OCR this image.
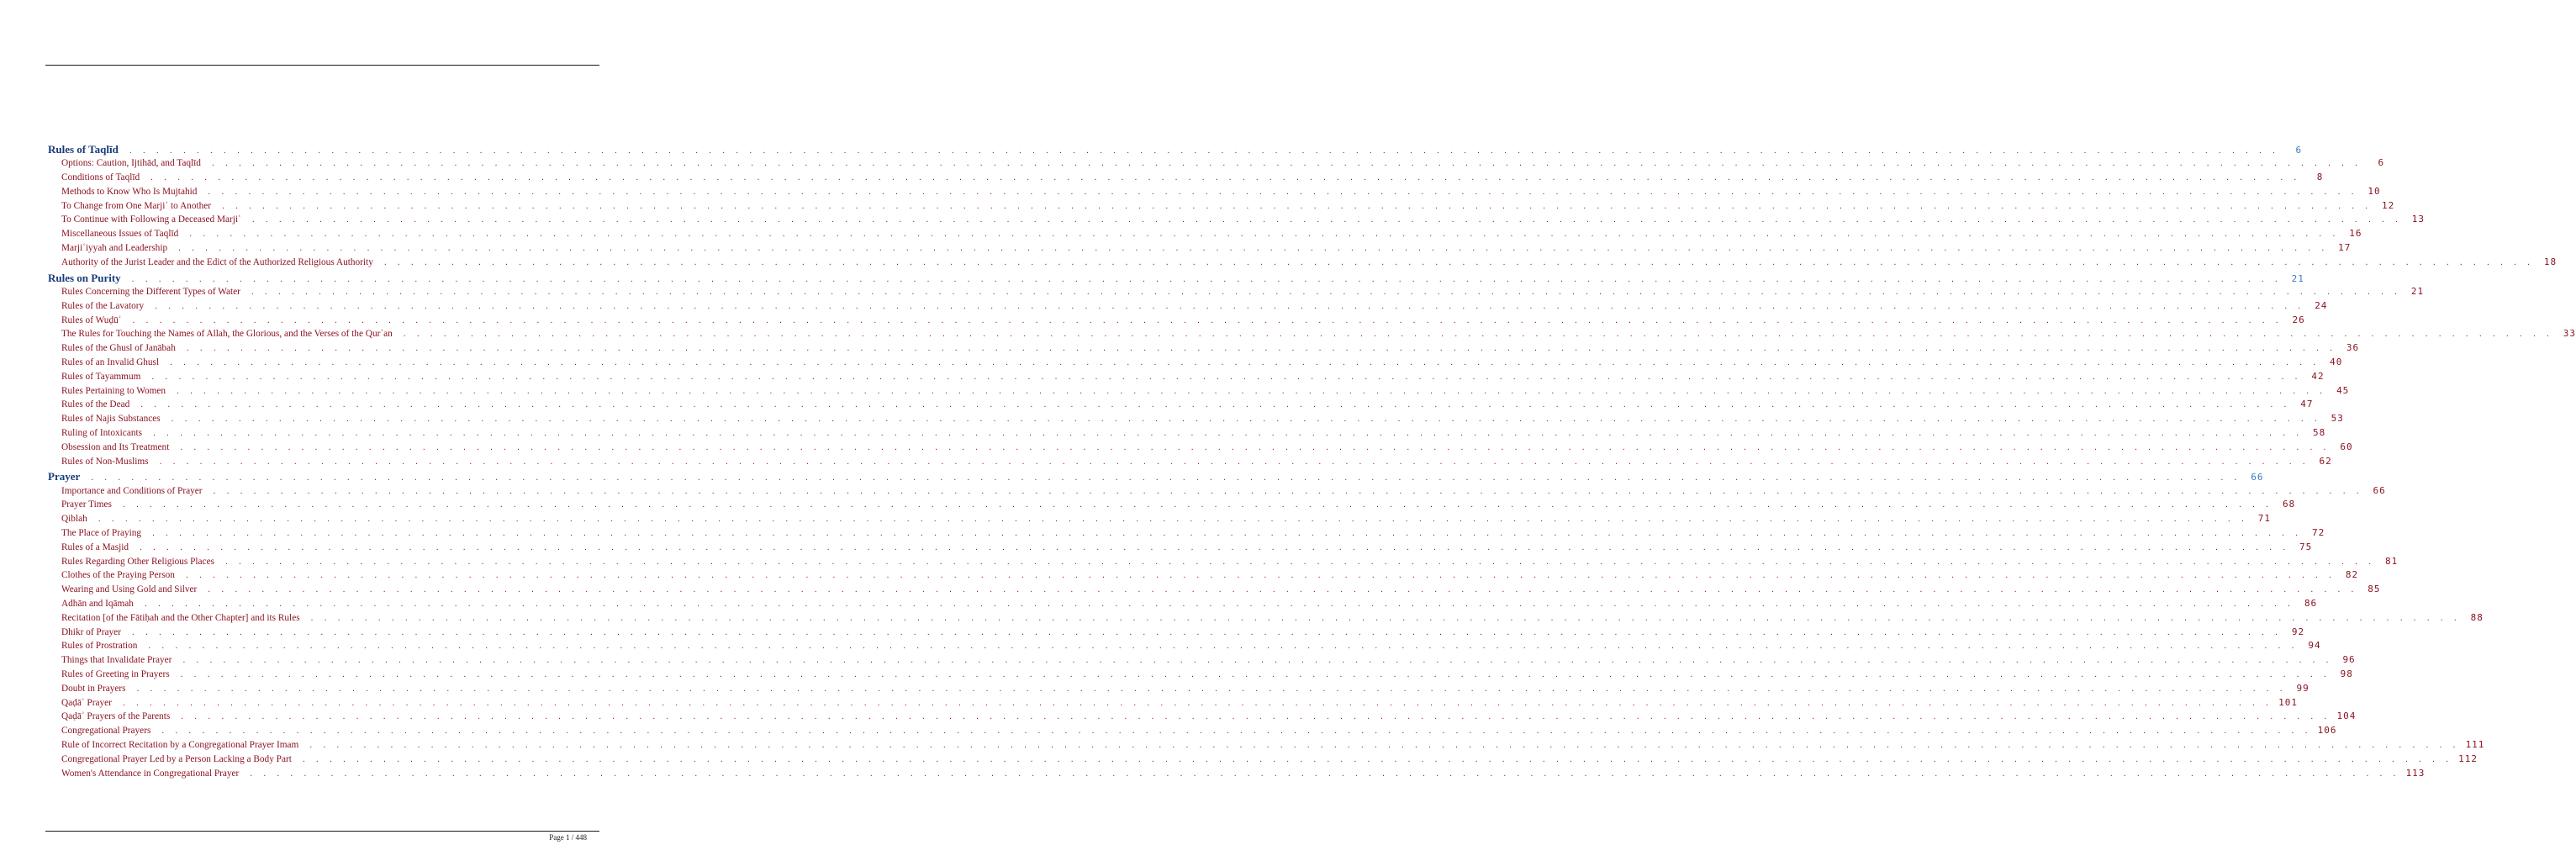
Rules of Taqlīd . . . . . . . . . . . . . . . . . . . . . . . . . . . . . . . . . . . . . . . . . . . . . . . . . . . . . . . . . . . . . . . . . . . . . . . . . . . . . . . . . . . . . . . . . . . . . . . . . . . . . . . . . . . . . . . . . . . . . . . . . . . . . . . . . . . . . . . . . . . . . . . . . . . . . . . . . . . . . . . .	6
Options: Caution, Ijtihād, and Taqlīd . . . . . . . . . . . . . . . . . . . . . . . . . . . . . . . . . . . . . . . . . . . . . . . . . . . . . . . . . . . . . . . . . . . . . . . . . . . . . . . . . . . . . . . . . . . . . . . . . . . . . . . . . . . . . . . . . . . . . . . . . . . . . . . . . . . . . . . . . . . . . . . . . . . . . . . . . . . . . . . .	6
Conditions of Taqlīd . . . . . . . . . . . . . . . . . . . . . . . . . . . . . . . . . . . . . . . . . . . . . . . . . . . . . . . . . . . . . . . . . . . . . . . . . . . . . . . . . . . . . . . . . . . . . . . . . . . . . . . . . . . . . . . . . . . . . . . . . . . . . . . . . . . . . . . . . . . . . . . . . . . . . . . . . . . . . . . .	8
Methods to Know Who Is Mujtahid . . . . . . . . . . . . . . . . . . . . . . . . . . . . . . . . . . . . . . . . . . . . . . . . . . . . . . . . . . . . . . . . . . . . . . . . . . . . . . . . . . . . . . . . . . . . . . . . . . . . . . . . . . . . . . . . . . . . . . . . . . . . . . . . . . . . . . . . . . . . . . . . . . . . . . . . . . . . . . . .	10
To Change from One Marjiʿ to Another . . . . . . . . . . . . . . . . . . . . . . . . . . . . . . . . . . . . . . . . . . . . . . . . . . . . . . . . . . . . . . . . . . . . . . . . . . . . . . . . . . . . . . . . . . . . . . . . . . . . . . . . . . . . . . . . . . . . . . . . . . . . . . . . . . . . . . . . . . . . . . . . . . . . . . . . . . . . . . . .	12
To Continue with Following a Deceased Marjiʿ . . . . . . . . . . . . . . . . . . . . . . . . . . . . . . . . . . . . . . . . . . . . . . . . . . . . . . . . . . . . . . . . . . . . . . . . . . . . . . . . . . . . . . . . . . . . . . . . . . . . . . . . . . . . . . . . . . . . . . . . . . . . . . . . . . . . . . . . . . . . . . . . . . . . . . . . . . . . . . . .	13
Miscellaneous Issues of Taqlīd . . . . . . . . . . . . . . . . . . . . . . . . . . . . . . . . . . . . . . . . . . . . . . . . . . . . . . . . . . . . . . . . . . . . . . . . . . . . . . . . . . . . . . . . . . . . . . . . . . . . . . . . . . . . . . . . . . . . . . . . . . . . . . . . . . . . . . . . . . . . . . . . . . . . . . . . . . . . . . . .	16
Marjiʿiyyah and Leadership . . . . . . . . . . . . . . . . . . . . . . . . . . . . . . . . . . . . . . . . . . . . . . . . . . . . . . . . . . . . . . . . . . . . . . . . . . . . . . . . . . . . . . . . . . . . . . . . . . . . . . . . . . . . . . . . . . . . . . . . . . . . . . . . . . . . . . . . . . . . . . . . . . . . . . . . . . . . . . . .	17
Authority of the Jurist Leader and the Edict of the Authorized Religious Authority . . . . . . . . . . . . . . . . . . . . . . . . . . . . . . . . . . . . . . . . . . . . . . . . . . . . . . . . . . . . . . . . . . . . . . . . . . . . . . . . . . . . . . . . . . . . . . . . . . . . . . . . . . . . . . . . . . . . . . . . . . . . . . . . . . . . . . . . . . . . . . . . . . . . . . . . . . . . . . . .	18
Rules on Purity . . . . . . . . . . . . . . . . . . . . . . . . . . . . . . . . . . . . . . . . . . . . . . . . . . . . . . . . . . . . . . . . . . . . . . . . . . . . . . . . . . . . . . . . . . . . . . . . . . . . . . . . . . . . . . . . . . . . . . . . . . . . . . . . . . . . . . . . . . . . . . . . . . . . . . . . . . . . . . . .	21
Rules Concerning the Different Types of Water . . . . . . . . . . . . . . . . . . . . . . . . . . . . . . . . . . . . . . . . . . . . . . . . . . . . . . . . . . . . . . . . . . . . . . . . . . . . . . . . . . . . . . . . . . . . . . . . . . . . . . . . . . . . . . . . . . . . . . . . . . . . . . . . . . . . . . . . . . . . . . . . . . . . . . . . . . . . . . . .	21
Rules of the Lavatory . . . . . . . . . . . . . . . . . . . . . . . . . . . . . . . . . . . . . . . . . . . . . . . . . . . . . . . . . . . . . . . . . . . . . . . . . . . . . . . . . . . . . . . . . . . . . . . . . . . . . . . . . . . . . . . . . . . . . . . . . . . . . . . . . . . . . . . . . . . . . . . . . . . . . . . . . . . . . . . .	24
Rules of Wuḍūʾ . . . . . . . . . . . . . . . . . . . . . . . . . . . . . . . . . . . . . . . . . . . . . . . . . . . . . . . . . . . . . . . . . . . . . . . . . . . . . . . . . . . . . . . . . . . . . . . . . . . . . . . . . . . . . . . . . . . . . . . . . . . . . . . . . . . . . . . . . . . . . . . . . . . . . . . . . . . . . . . .	26
The Rules for Touching the Names of Allah, the Glorious, and the Verses of the Qurʾan . . . . . . . . . . . . . . . . . . . . . . . . . . . . . . . . . . . . . . . . . . . . . . . . . . . . . . . . . . . . . . . . . . . . . . . . . . . . . . . . . . . . . . . . . . . . . . . . . . . . . . . . . . . . . . . . . . . . . . . . . . . . . . . . . . . . . . . . . . . . . . . . . . . . . . . . . . . . . . . .	33
Rules of the Ghusl of Janābah . . . . . . . . . . . . . . . . . . . . . . . . . . . . . . . . . . . . . . . . . . . . . . . . . . . . . . . . . . . . . . . . . . . . . . . . . . . . . . . . . . . . . . . . . . . . . . . . . . . . . . . . . . . . . . . . . . . . . . . . . . . . . . . . . . . . . . . . . . . . . . . . . . . . . . . . . . . . . . . .	36
Rules of an Invalid Ghusl . . . . . . . . . . . . . . . . . . . . . . . . . . . . . . . . . . . . . . . . . . . . . . . . . . . . . . . . . . . . . . . . . . . . . . . . . . . . . . . . . . . . . . . . . . . . . . . . . . . . . . . . . . . . . . . . . . . . . . . . . . . . . . . . . . . . . . . . . . . . . . . . . . . . . . . . . . . . . . . .	40
Rules of Tayammum . . . . . . . . . . . . . . . . . . . . . . . . . . . . . . . . . . . . . . . . . . . . . . . . . . . . . . . . . . . . . . . . . . . . . . . . . . . . . . . . . . . . . . . . . . . . . . . . . . . . . . . . . . . . . . . . . . . . . . . . . . . . . . . . . . . . . . . . . . . . . . . . . . . . . . . . . . . . . . . .	42
Rules Pertaining to Women . . . . . . . . . . . . . . . . . . . . . . . . . . . . . . . . . . . . . . . . . . . . . . . . . . . . . . . . . . . . . . . . . . . . . . . . . . . . . . . . . . . . . . . . . . . . . . . . . . . . . . . . . . . . . . . . . . . . . . . . . . . . . . . . . . . . . . . . . . . . . . . . . . . . . . . . . . . . . . . .	45
Rules of the Dead . . . . . . . . . . . . . . . . . . . . . . . . . . . . . . . . . . . . . . . . . . . . . . . . . . . . . . . . . . . . . . . . . . . . . . . . . . . . . . . . . . . . . . . . . . . . . . . . . . . . . . . . . . . . . . . . . . . . . . . . . . . . . . . . . . . . . . . . . . . . . . . . . . . . . . . . . . . . . . . .	47
Rules of Najis Substances . . . . . . . . . . . . . . . . . . . . . . . . . . . . . . . . . . . . . . . . . . . . . . . . . . . . . . . . . . . . . . . . . . . . . . . . . . . . . . . . . . . . . . . . . . . . . . . . . . . . . . . . . . . . . . . . . . . . . . . . . . . . . . . . . . . . . . . . . . . . . . . . . . . . . . . . . . . . . . . .	53
Ruling of Intoxicants . . . . . . . . . . . . . . . . . . . . . . . . . . . . . . . . . . . . . . . . . . . . . . . . . . . . . . . . . . . . . . . . . . . . . . . . . . . . . . . . . . . . . . . . . . . . . . . . . . . . . . . . . . . . . . . . . . . . . . . . . . . . . . . . . . . . . . . . . . . . . . . . . . . . . . . . . . . . . . . .	58
Obsession and Its Treatment . . . . . . . . . . . . . . . . . . . . . . . . . . . . . . . . . . . . . . . . . . . . . . . . . . . . . . . . . . . . . . . . . . . . . . . . . . . . . . . . . . . . . . . . . . . . . . . . . . . . . . . . . . . . . . . . . . . . . . . . . . . . . . . . . . . . . . . . . . . . . . . . . . . . . . . . . . . . . . . .	60
Rules of Non-Muslims . . . . . . . . . . . . . . . . . . . . . . . . . . . . . . . . . . . . . . . . . . . . . . . . . . . . . . . . . . . . . . . . . . . . . . . . . . . . . . . . . . . . . . . . . . . . . . . . . . . . . . . . . . . . . . . . . . . . . . . . . . . . . . . . . . . . . . . . . . . . . . . . . . . . . . . . . . . . . . . .	62
Prayer . . . . . . . . . . . . . . . . . . . . . . . . . . . . . . . . . . . . . . . . . . . . . . . . . . . . . . . . . . . . . . . . . . . . . . . . . . . . . . . . . . . . . . . . . . . . . . . . . . . . . . . . . . . . . . . . . . . . . . . . . . . . . . . . . . . . . . . . . . . . . . . . . . . . . . . . . . . . . . . .	66
Importance and Conditions of Prayer . . . . . . . . . . . . . . . . . . . . . . . . . . . . . . . . . . . . . . . . . . . . . . . . . . . . . . . . . . . . . . . . . . . . . . . . . . . . . . . . . . . . . . . . . . . . . . . . . . . . . . . . . . . . . . . . . . . . . . . . . . . . . . . . . . . . . . . . . . . . . . . . . . . . . . . . . . . . . . . .	66
Prayer Times . . . . . . . . . . . . . . . . . . . . . . . . . . . . . . . . . . . . . . . . . . . . . . . . . . . . . . . . . . . . . . . . . . . . . . . . . . . . . . . . . . . . . . . . . . . . . . . . . . . . . . . . . . . . . . . . . . . . . . . . . . . . . . . . . . . . . . . . . . . . . . . . . . . . . . . . . . . . . . . .	68
Qiblah . . . . . . . . . . . . . . . . . . . . . . . . . . . . . . . . . . . . . . . . . . . . . . . . . . . . . . . . . . . . . . . . . . . . . . . . . . . . . . . . . . . . . . . . . . . . . . . . . . . . . . . . . . . . . . . . . . . . . . . . . . . . . . . . . . . . . . . . . . . . . . . . . . . . . . . . . . . . . . . .	71
The Place of Praying . . . . . . . . . . . . . . . . . . . . . . . . . . . . . . . . . . . . . . . . . . . . . . . . . . . . . . . . . . . . . . . . . . . . . . . . . . . . . . . . . . . . . . . . . . . . . . . . . . . . . . . . . . . . . . . . . . . . . . . . . . . . . . . . . . . . . . . . . . . . . . . . . . . . . . . . . . . . . . . .	72
Rules of a Masjid . . . . . . . . . . . . . . . . . . . . . . . . . . . . . . . . . . . . . . . . . . . . . . . . . . . . . . . . . . . . . . . . . . . . . . . . . . . . . . . . . . . . . . . . . . . . . . . . . . . . . . . . . . . . . . . . . . . . . . . . . . . . . . . . . . . . . . . . . . . . . . . . . . . . . . . . . . . . . . . .	75
Rules Regarding Other Religious Places . . . . . . . . . . . . . . . . . . . . . . . . . . . . . . . . . . . . . . . . . . . . . . . . . . . . . . . . . . . . . . . . . . . . . . . . . . . . . . . . . . . . . . . . . . . . . . . . . . . . . . . . . . . . . . . . . . . . . . . . . . . . . . . . . . . . . . . . . . . . . . . . . . . . . . . . . . . . . . . .	81
Clothes of the Praying Person . . . . . . . . . . . . . . . . . . . . . . . . . . . . . . . . . . . . . . . . . . . . . . . . . . . . . . . . . . . . . . . . . . . . . . . . . . . . . . . . . . . . . . . . . . . . . . . . . . . . . . . . . . . . . . . . . . . . . . . . . . . . . . . . . . . . . . . . . . . . . . . . . . . . . . . . . . . . . . . .	82
Wearing and Using Gold and Silver . . . . . . . . . . . . . . . . . . . . . . . . . . . . . . . . . . . . . . . . . . . . . . . . . . . . . . . . . . . . . . . . . . . . . . . . . . . . . . . . . . . . . . . . . . . . . . . . . . . . . . . . . . . . . . . . . . . . . . . . . . . . . . . . . . . . . . . . . . . . . . . . . . . . . . . . . . . . . . . .	85
Adhān and Iqāmah . . . . . . . . . . . . . . . . . . . . . . . . . . . . . . . . . . . . . . . . . . . . . . . . . . . . . . . . . . . . . . . . . . . . . . . . . . . . . . . . . . . . . . . . . . . . . . . . . . . . . . . . . . . . . . . . . . . . . . . . . . . . . . . . . . . . . . . . . . . . . . . . . . . . . . . . . . . . . . . .	86
Recitation [of the Fātiḥah and the Other Chapter] and its Rules . . . . . . . . . . . . . . . . . . . . . . . . . . . . . . . . . . . . . . . . . . . . . . . . . . . . . . . . . . . . . . . . . . . . . . . . . . . . . . . . . . . . . . . . . . . . . . . . . . . . . . . . . . . . . . . . . . . . . . . . . . . . . . . . . . . . . . . . . . . . . . . . . . . . . . . . . . . . . . . .	88
Dhikr of Prayer . . . . . . . . . . . . . . . . . . . . . . . . . . . . . . . . . . . . . . . . . . . . . . . . . . . . . . . . . . . . . . . . . . . . . . . . . . . . . . . . . . . . . . . . . . . . . . . . . . . . . . . . . . . . . . . . . . . . . . . . . . . . . . . . . . . . . . . . . . . . . . . . . . . . . . . . . . . . . . . .	92
Rules of Prostration . . . . . . . . . . . . . . . . . . . . . . . . . . . . . . . . . . . . . . . . . . . . . . . . . . . . . . . . . . . . . . . . . . . . . . . . . . . . . . . . . . . . . . . . . . . . . . . . . . . . . . . . . . . . . . . . . . . . . . . . . . . . . . . . . . . . . . . . . . . . . . . . . . . . . . . . . . . . . . . .	94
Things that Invalidate Prayer . . . . . . . . . . . . . . . . . . . . . . . . . . . . . . . . . . . . . . . . . . . . . . . . . . . . . . . . . . . . . . . . . . . . . . . . . . . . . . . . . . . . . . . . . . . . . . . . . . . . . . . . . . . . . . . . . . . . . . . . . . . . . . . . . . . . . . . . . . . . . . . . . . . . . . . . . . . . . . . .	96
Rules of Greeting in Prayers . . . . . . . . . . . . . . . . . . . . . . . . . . . . . . . . . . . . . . . . . . . . . . . . . . . . . . . . . . . . . . . . . . . . . . . . . . . . . . . . . . . . . . . . . . . . . . . . . . . . . . . . . . . . . . . . . . . . . . . . . . . . . . . . . . . . . . . . . . . . . . . . . . . . . . . . . . . . . . . .	98
Doubt in Prayers . . . . . . . . . . . . . . . . . . . . . . . . . . . . . . . . . . . . . . . . . . . . . . . . . . . . . . . . . . . . . . . . . . . . . . . . . . . . . . . . . . . . . . . . . . . . . . . . . . . . . . . . . . . . . . . . . . . . . . . . . . . . . . . . . . . . . . . . . . . . . . . . . . . . . . . . . . . . . . . .	99
Qaḍāʾ Prayer . . . . . . . . . . . . . . . . . . . . . . . . . . . . . . . . . . . . . . . . . . . . . . . . . . . . . . . . . . . . . . . . . . . . . . . . . . . . . . . . . . . . . . . . . . . . . . . . . . . . . . . . . . . . . . . . . . . . . . . . . . . . . . . . . . . . . . . . . . . . . . . . . . . . . . . . . . . . . . . . 101
Qaḍāʾ Prayers of the Parents . . . . . . . . . . . . . . . . . . . . . . . . . . . . . . . . . . . . . . . . . . . . . . . . . . . . . . . . . . . . . . . . . . . . . . . . . . . . . . . . . . . . . . . . . . . . . . . . . . . . . . . . . . . . . . . . . . . . . . . . . . . . . . . . . . . . . . . . . . . . . . . . . . . . . . . . . . . . . . . . 104
Congregational Prayers . . . . . . . . . . . . . . . . . . . . . . . . . . . . . . . . . . . . . . . . . . . . . . . . . . . . . . . . . . . . . . . . . . . . . . . . . . . . . . . . . . . . . . . . . . . . . . . . . . . . . . . . . . . . . . . . . . . . . . . . . . . . . . . . . . . . . . . . . . . . . . . . . . . . . . . . . . . . . . . . 106
Rule of Incorrect Recitation by a Congregational Prayer Imam . . . . . . . . . . . . . . . . . . . . . . . . . . . . . . . . . . . . . . . . . . . . . . . . . . . . . . . . . . . . . . . . . . . . . . . . . . . . . . . . . . . . . . . . . . . . . . . . . . . . . . . . . . . . . . . . . . . . . . . . . . . . . . . . . . . . . . . . . . . . . . . . . . . . . . . . . . . . . . . . 111
Congregational Prayer Led by a Person Lacking a Body Part . . . . . . . . . . . . . . . . . . . . . . . . . . . . . . . . . . . . . . . . . . . . . . . . . . . . . . . . . . . . . . . . . . . . . . . . . . . . . . . . . . . . . . . . . . . . . . . . . . . . . . . . . . . . . . . . . . . . . . . . . . . . . . . . . . . . . . . . . . . . . . . . . . . . . . . . . . . . . . . . 112
Women's Attendance in Congregational Prayer . . . . . . . . . . . . . . . . . . . . . . . . . . . . . . . . . . . . . . . . . . . . . . . . . . . . . . . . . . . . . . . . . . . . . . . . . . . . . . . . . . . . . . . . . . . . . . . . . . . . . . . . . . . . . . . . . . . . . . . . . . . . . . . . . . . . . . . . . . . . . . . . . . . . . . . . . . . . . . . . 113
Page 1 / 448
